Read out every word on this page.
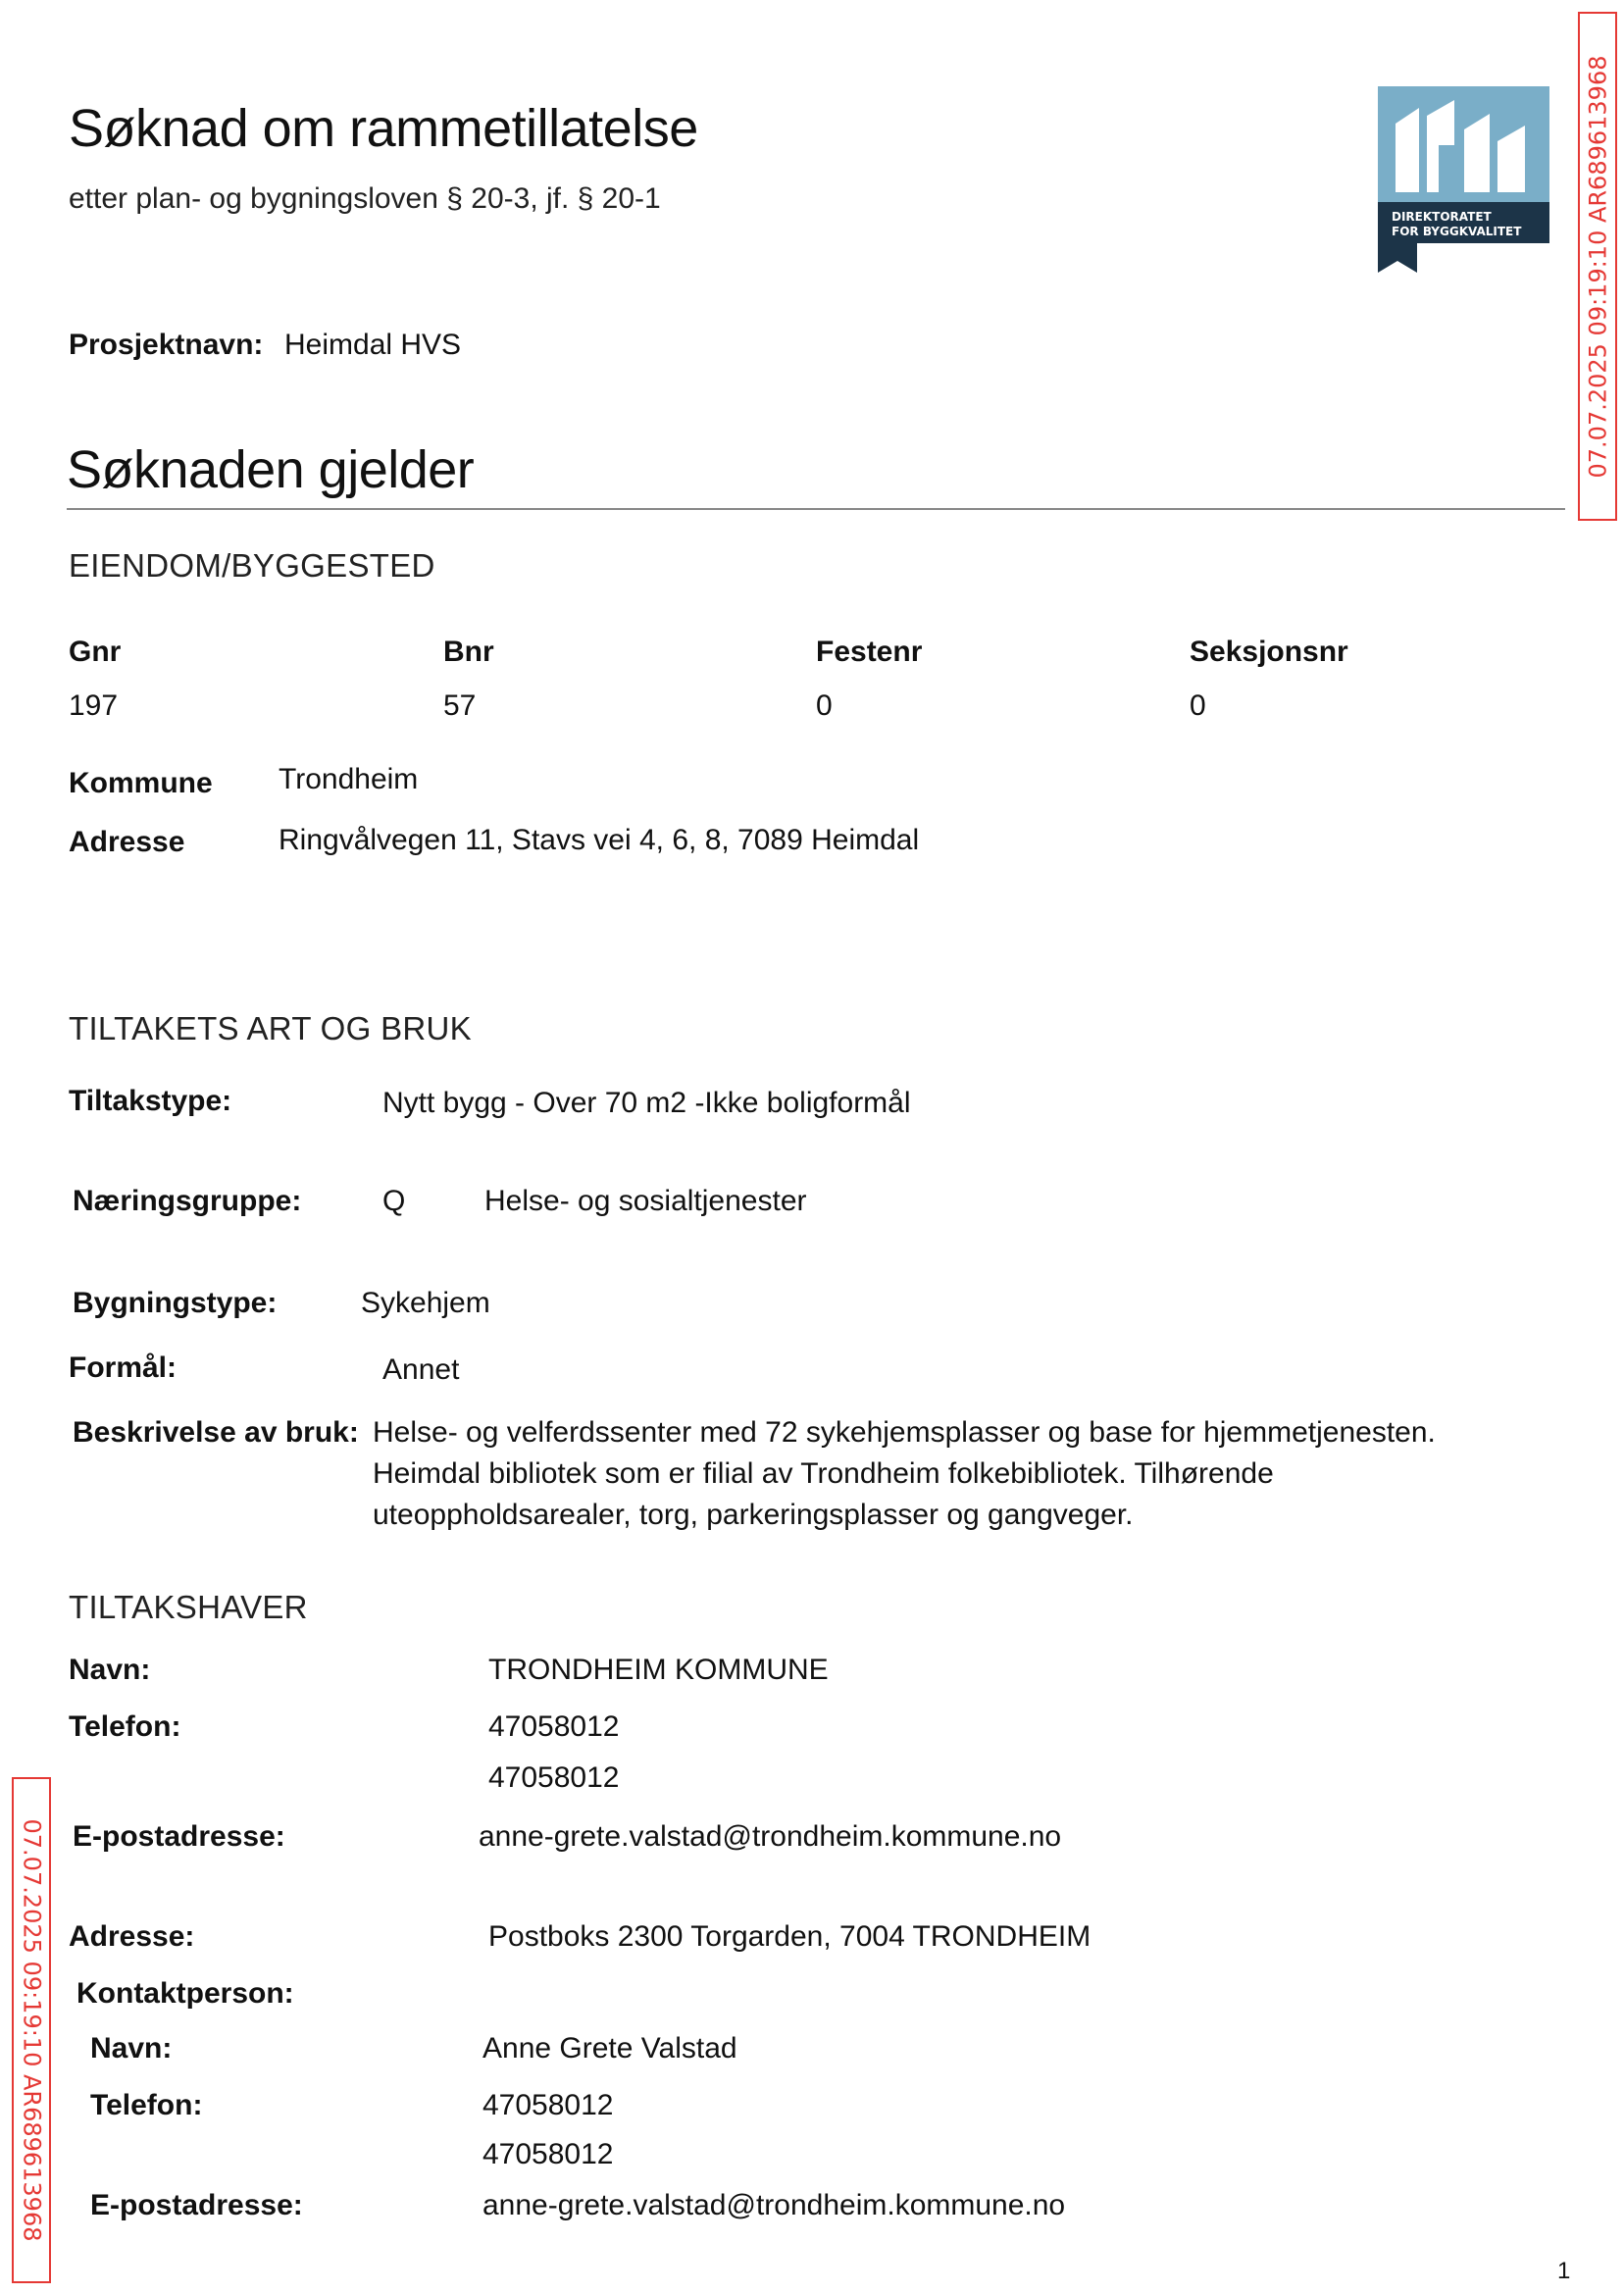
Søknad om rammetillatelse
etter plan- og bygningsloven § 20-3, jf. § 20-1
Prosjektnavn: Heimdal HVS
DIREKTORATET
FOR BYGGKVALITET	07.07.2025 09:19:10 AR689613968
Søknaden gjelder
EIENDOM/BYGGESTED
Gnr	Bnr	Festenr	Seksjonsnr
197	57	0	0
Kommune Trondheim
Adresse	Ringvålvegen 11, Stavs vei 4, 6, 8, 7089 Heimdal
TILTAKETS ART OG BRUK
Tiltakstype:	Nytt bygg - Over 70 m2 -Ikke boligformål
Næringsgruppe:	Q	Helse- og sosialtjenester
Bygningstype:	Sykehjem
Formål:	Annet
Beskrivelse av bruk: Helse- og velferdssenter med 72 sykehjemsplasser og base for hjemmetjenesten.
Heimdal bibliotek som er filial av Trondheim folkebibliotek. Tilhørende
uteoppholdsarealer, torg, parkeringsplasser og gangveger.
TILTAKSHAVER
Navn:	TRONDHEIM KOMMUNE
Telefon:	47058012
47058012
E-postadresse:	anne-grete.valstad@trondheim.kommune.no
Adresse:	Postboks 2300 Torgarden, 7004 TRONDHEIM
Kontaktperson:
Navn:	Anne Grete Valstad
Telefon:	47058012
47058012
E-postadresse:	anne-grete.valstad@trondheim.kommune.no
07.07.2025 09:19:10 AR689613968
1
